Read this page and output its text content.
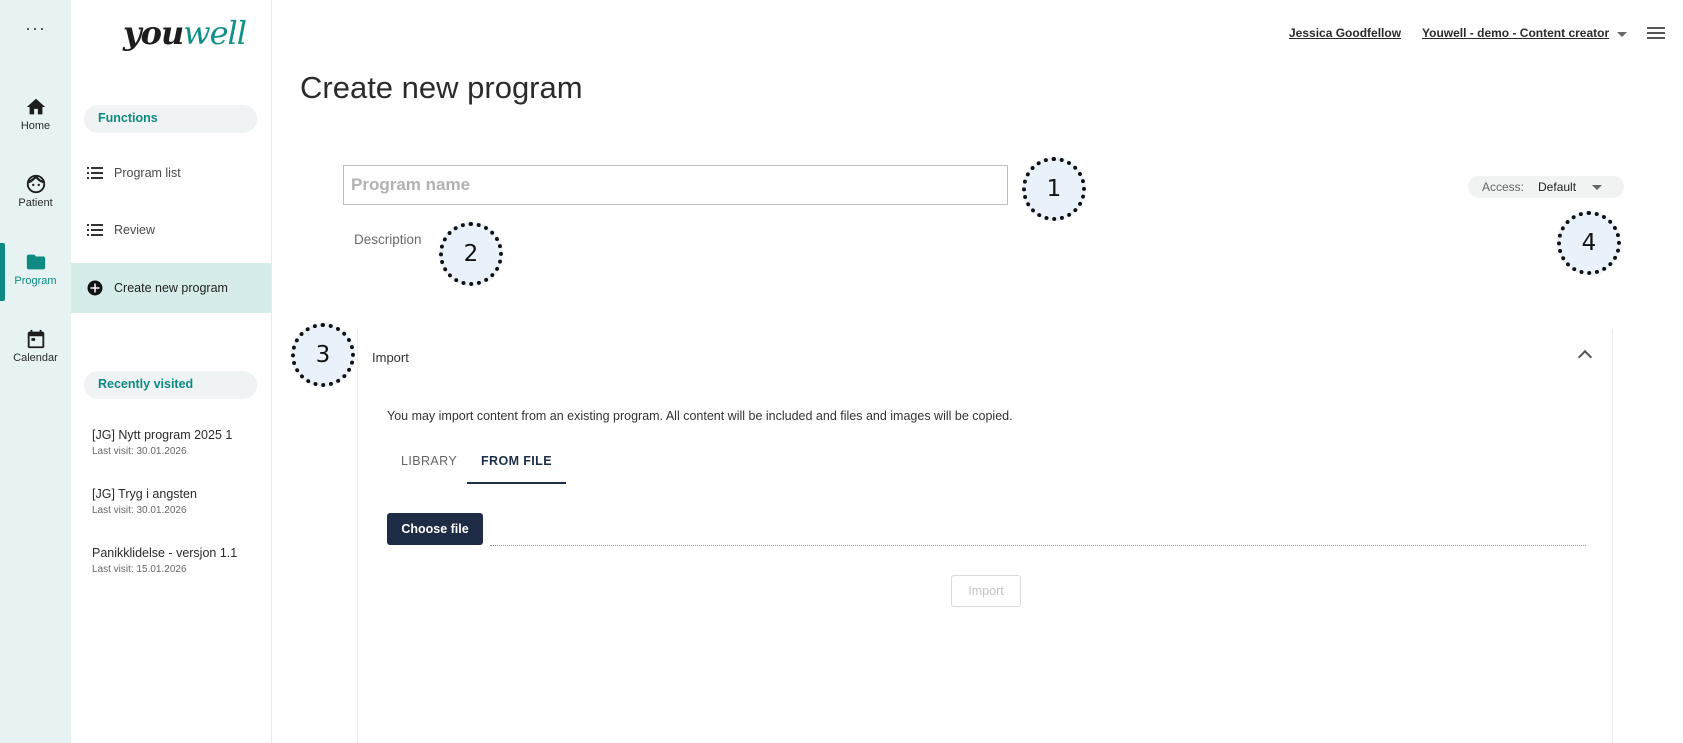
···
Home
Patient
Program
Calendar
youwell
Functions
Program list
Review
Create new program
Recently visited
[JG] Nytt program 2025 1
Last visit: 30.01.2026
[JG] Tryg i angsten
Last visit: 30.01.2026
Panikklidelse - versjon 1.1
Last visit: 15.01.2026
Jessica Goodfellow Youwell - demo - Content creator
Create new program
Program name
Description
Access: Default
1
2
3
4
Import
You may import content from an existing program. All content will be included and files and images will be copied.
LIBRARY	FROM FILE
Choose file
Import
